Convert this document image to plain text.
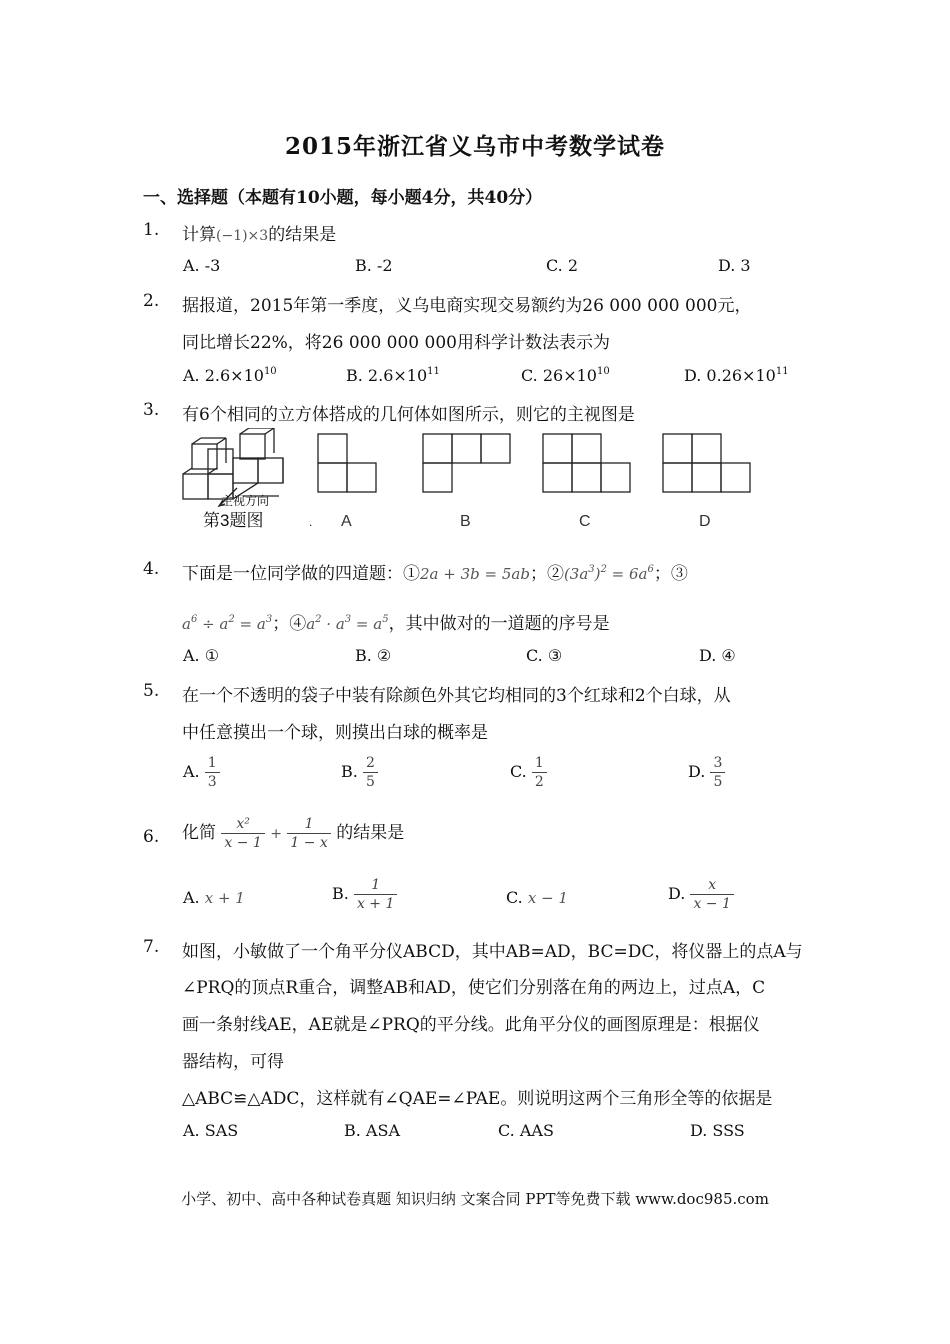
2015年浙江省义乌市中考数学试卷
一、选择题（本题有10小题，每小题4分，共40分）
1. 计算(−1)×3的结果是
A. -3	B. -2	C. 2	D. 3
2. 据报道，2015年第一季度，义乌电商实现交易额约为26 000 000 000元，
同比增长22%，将26 000 000 000用科学计数法表示为
A. $2.6\times 10^{10}$	B. $2.6\times 10^{11}$	C. $26\times 10^{10}$	D. $0.26\times 10^{11}$
3. 有6个相同的立方体搭成的几何体如图所示，则它的主视图是
主视方向
第3题图	. A	B	C	D
4. 下面是一位同学做的四道题：①2a + 3b = 5ab；$②(3a^3)^2 = 6a^6$；③
$a^6 \div a^2 = a^3$；$④a^2 \cdot a^3 = a^5$，其中做对的一道题的序号是
A. ①	B. ②	C. ③	D. ④
5. 在一个不透明的袋子中装有除颜色外其它均相同的3个红球和2个白球，从
中任意摸出一个球，则摸出白球的概率是
A. $\frac{1}{3}$	B. $\frac{2}{5}$	C. $\frac{1}{2}$	D. $\frac{3}{5}$
6. 化简 $\frac{\text{x²}}{x - 1} + \frac{1}{1 - x}$ 的结果是
A. x + 1	B. $\frac{1}{x + 1}$	C. x − 1	D. $\frac{x}{x - 1}$
7. 如图，小敏做了一个角平分仪ABCD，其中AB=AD，BC=DC，将仪器上的点A与
∠PRQ的顶点R重合，调整AB和AD，使它们分别落在角的两边上，过点A，C
画一条射线AE，AE就是∠PRQ的平分线。此角平分仪的画图原理是：根据仪
器结构，可得
△ABC≌△ADC，这样就有∠QAE=∠PAE。则说明这两个三角形全等的依据是
A. SAS	B. ASA	C. AAS	D. SSS
小学、初中、高中各种试卷真题 知识归纳 文案合同 PPT等免费下载 www.doc985.com
